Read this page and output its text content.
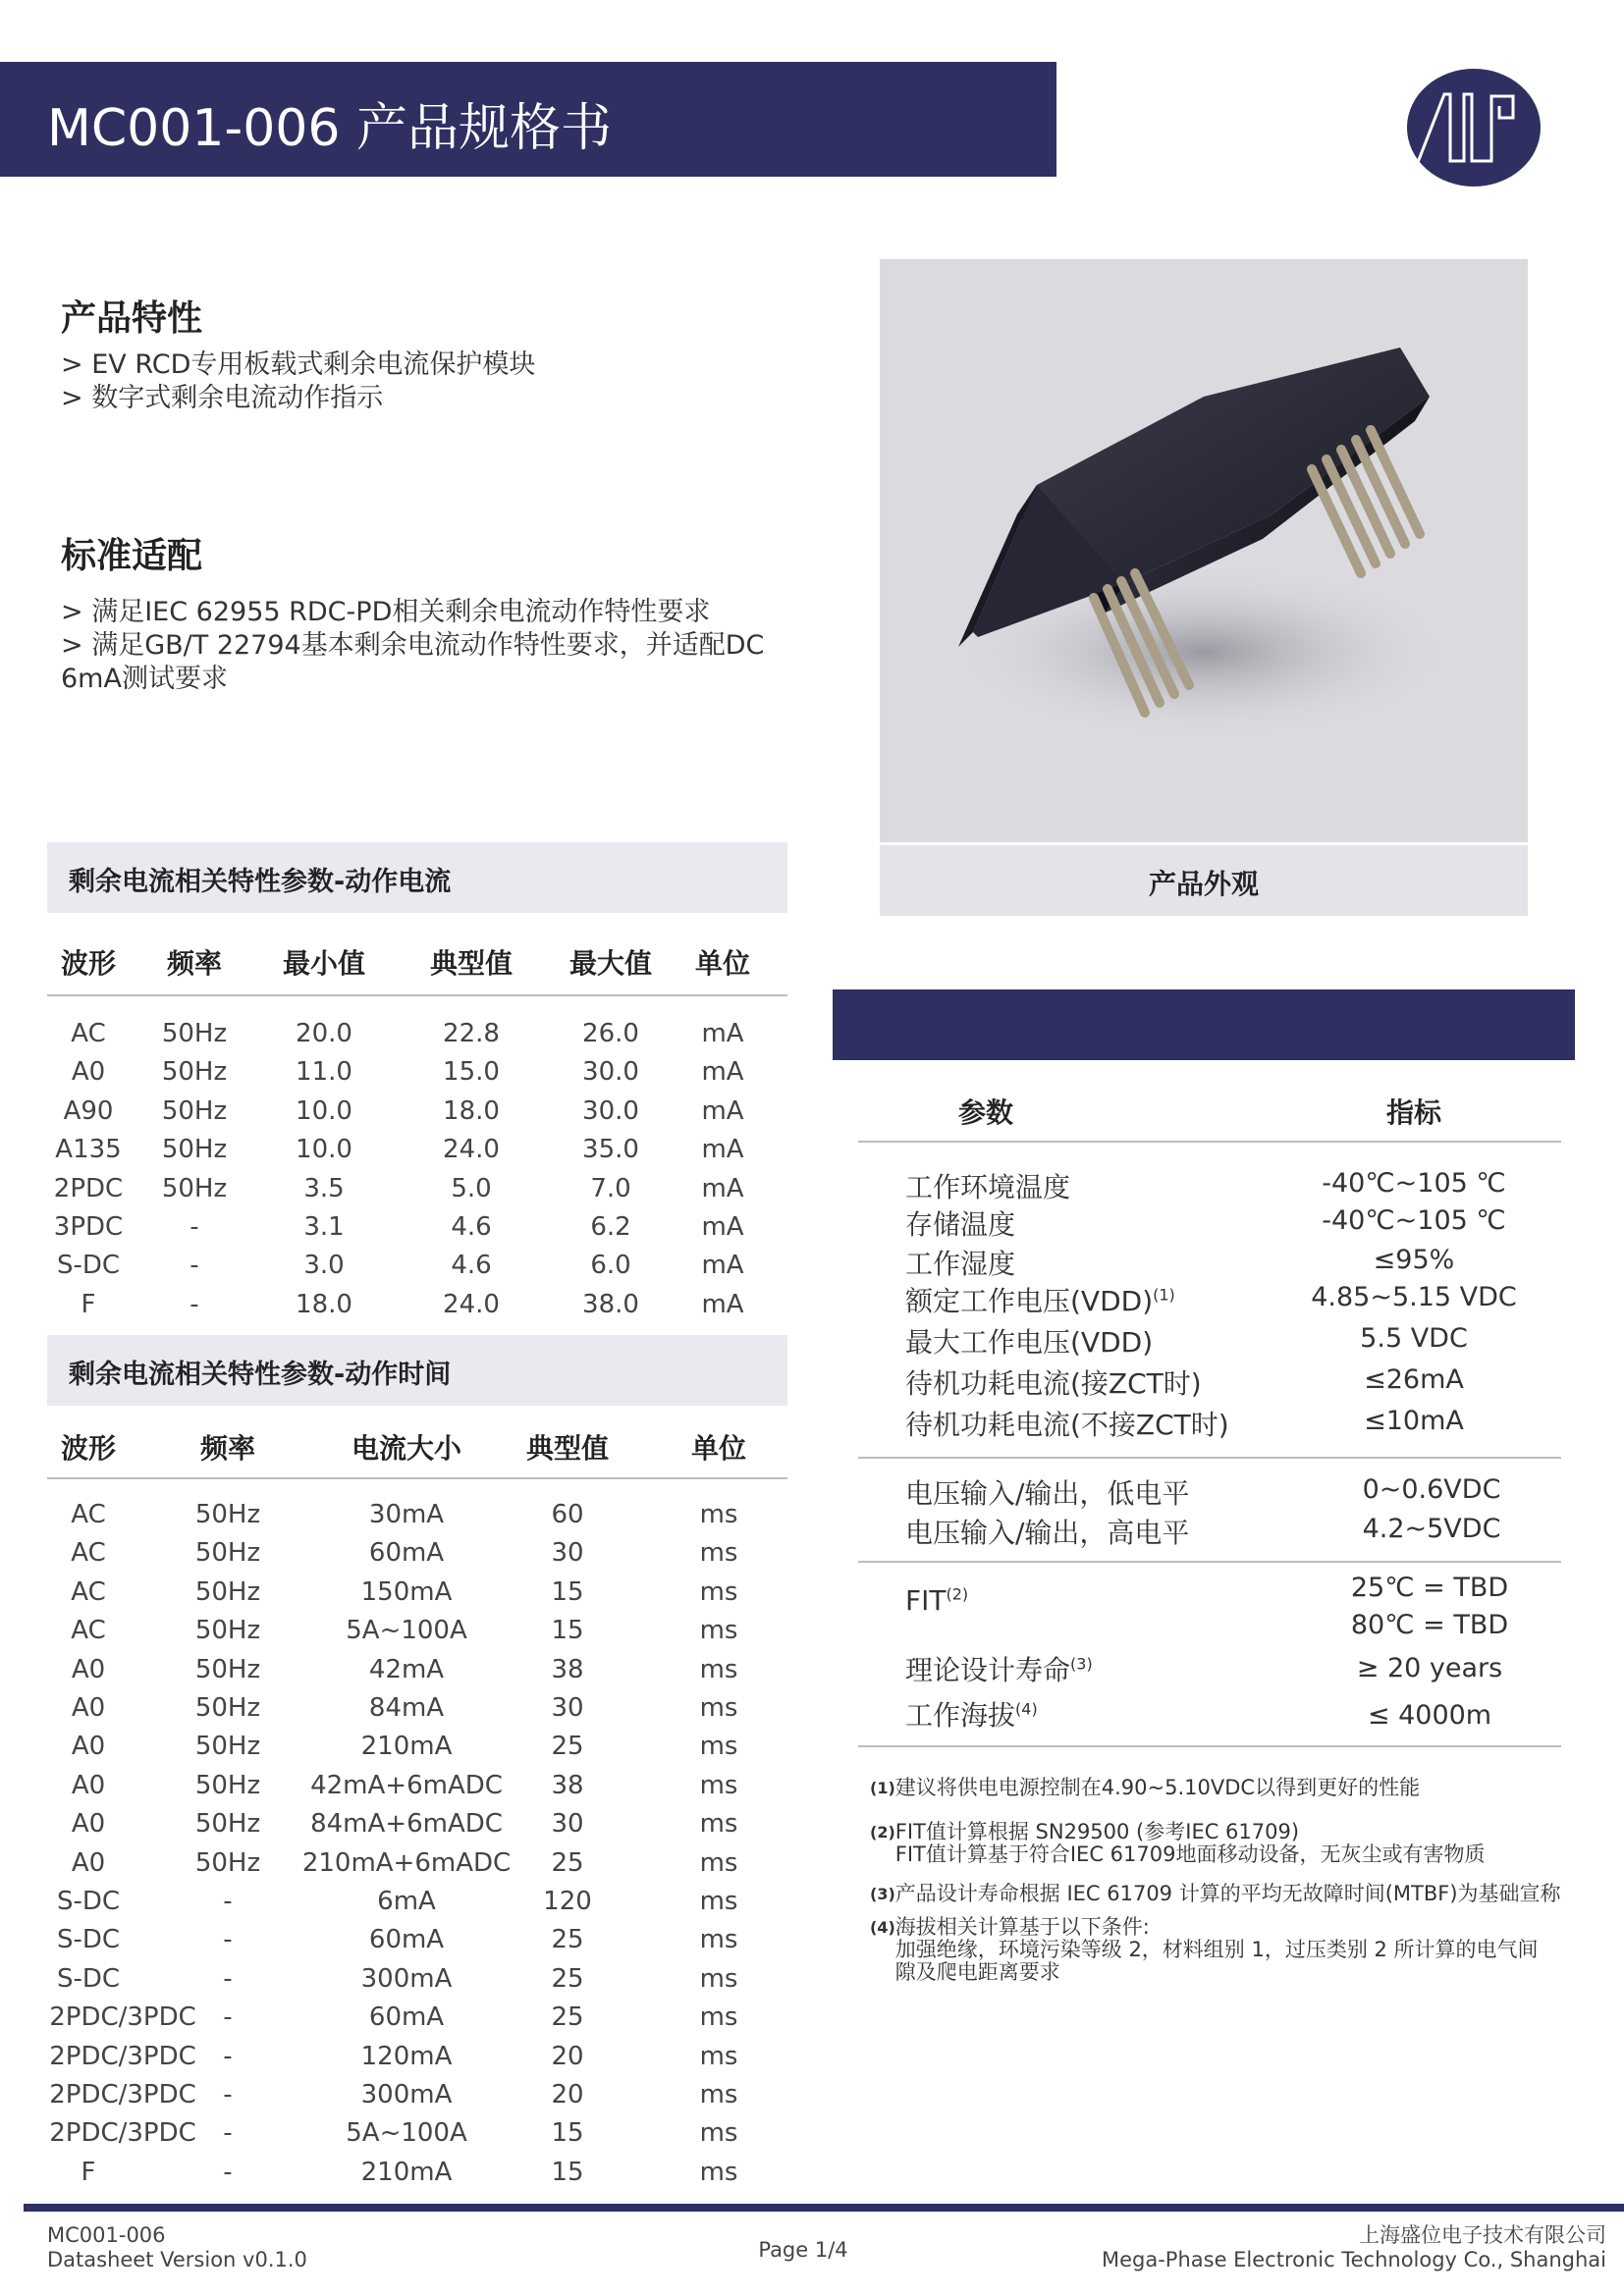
MC001-006 产品规格书
MP
产品特性
> EV RCD专用板载式剩余电流保护模块
> 数字式剩余电流动作指示
标准适配
> 满足IEC 62955 RDC-PD相关剩余电流动作特性要求
> 满足GB/T 22794基本剩余电流动作特性要求，并适配DC
6mA测试要求
产品外观
剩余电流相关特性参数-动作电流
波形 频率 最小值 典型值 最大值 单位
AC 50Hz	20.0	22.8	26.0 mA
A0 50Hz	11.0	15.0	30.0 mA
A90 50Hz	10.0	18.0	30.0 mA
A135 50Hz	10.0	24.0	35.0 mA
2PDC 50Hz	3.5	5.0	7.0	mA
3PDC	-	3.1	4.6	6.2	mA
S-DC	-	3.0	4.6	6.0	mA
F	-	18.0	24.0	38.0 mA
剩余电流相关特性参数-动作时间
波形	频率	电流大小 典型值	单位
AC	50Hz	30mA	60	ms
AC	50Hz	60mA	30	ms
AC	50Hz	150mA	15	ms
AC	50Hz	5A~100A	15	ms
A0	50Hz	42mA	38	ms
A0	50Hz	84mA	30	ms
A0	50Hz	210mA	25	ms
A0	50Hz 42mA+6mADC 38	ms
A0	50Hz 84mA+6mADC 30	ms
A0	50Hz 210mA+6mADC 25	ms
S-DC	-	6mA	120	ms
S-DC	-	60mA	25	ms
S-DC	-	300mA	25	ms
2PDC/3PDC -	60mA	25	ms
2PDC/3PDC -	120mA	20	ms
2PDC/3PDC -	300mA	20	ms
2PDC/3PDC -	5A~100A	15	ms
F	-	210mA	15	ms
参数	指标
工作环境温度	-40℃~105 ℃
存储温度	-40℃~105 ℃
工作湿度	≤95%
额定工作电压(VDD)$^{(1)}$	4.85~5.15 VDC
最大工作电压(VDD)	5.5 VDC
待机功耗电流(接ZCT时)	≤26mA
待机功耗电流(不接ZCT时)	≤10mA
电压输入/输出，低电平	0~0.6VDC
电压输入/输出，高电平	4.2~5VDC
FIT$^{(2)}$	25℃ = TBD
80℃ = TBD
理论设计寿命$^{(3)}$	≥ 20 years
工作海拔$^{(4)}$	≤ 4000m
$^{(1)}$ 建议将供电电源控制在4.90~5.10VDC以得到更好的性能
$^{(2)}$ FIT值计算根据 SN29500 (参考IEC 61709)
FIT值计算基于符合IEC 61709地面移动设备，无灰尘或有害物质
$^{(3)}$ 产品设计寿命根据 IEC 61709 计算的平均无故障时间(MTBF)为基础宣称
$^{(4)}$ 海拔相关计算基于以下条件:
加强绝缘，环境污染等级 2，材料组别 1，过压类别 2 所计算的电气间
隙及爬电距离要求
MC001-006
Datasheet Version v0.1.0	Page 1/4
上海盛位电子技术有限公司
Mega-Phase Electronic Technology Co., Shanghai
